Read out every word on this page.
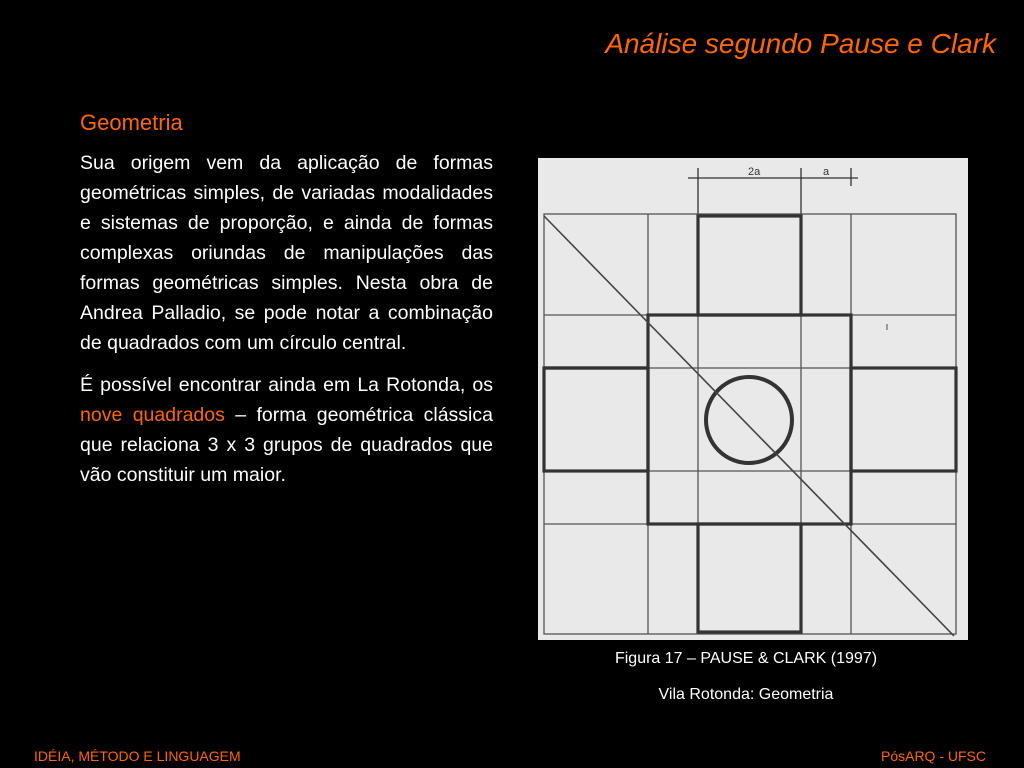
Análise segundo Pause e Clark
Geometria

Sua origem vem da aplicação de formas geométricas simples, de variadas modalidades e sistemas de proporção, e ainda de formas complexas oriundas de manipulações das formas geométricas simples. Nesta obra de Andrea Palladio, se pode notar a combinação de quadrados com um círculo central.

É possível encontrar ainda em La Rotonda, os nove quadrados – forma geométrica clássica que relaciona 3 x 3 grupos de quadrados que vão constituir um maior.

2a	a
Figura 17 – PAUSE & CLARK (1997)
Vila Rotonda: Geometria
IDÉIA, MÉTODO E LINGUAGEM	PósARQ - UFSC
